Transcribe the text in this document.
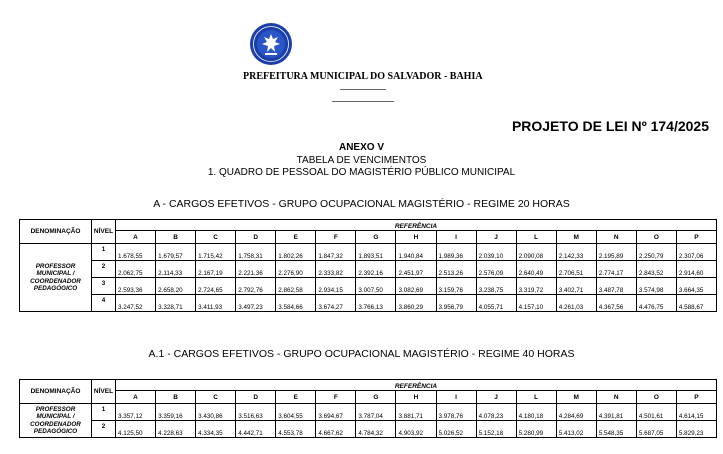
PREFEITURA MUNICIPAL DO SALVADOR - BAHIA
PROJETO DE LEI Nº 174/2025
ANEXO V
TABELA DE VENCIMENTOS
1. QUADRO DE PESSOAL DO MAGISTÉRIO PÚBLICO MUNICIPAL
A - CARGOS EFETIVOS - GRUPO OCUPACIONAL MAGISTÉRIO - REGIME 20 HORAS
DENOMINAÇÃO	NÍVEL	REFERÊNCIA														
		A	B	C	D	E	F	G	H	I	J	L	M	N	O	P
PROFESSOR MUNICIPAL / COORDENADOR PEDAGÓGICO	1	1.678,55	1.679,57	1.715,42	1.758,31	1.802,26	1.847,32	1.893,51	1.940,84	1.989,36	2.039,10	2.090,08	2.142,33	2.195,89	2.250,79	2.307,06
	2	2.062,75	2.114,33	2.167,19	2.221,36	2.276,90	2.333,82	2.392,16	2.451,97	2.513,26	2.576,09	2.640,49	2.706,51	2.774,17	2.843,52	2.914,60
	3	2.593,36	2.658,20	2.724,65	2.792,76	2.862,58	2.934,15	3.007,50	3.082,69	3.159,76	3.238,75	3.319,72	3.402,71	3.487,78	3.574,98	3.664,35
	4	3.247,52	3.328,71	3.411,93	3.497,23	3.584,66	3.674,27	3.766,13	3.860,29	3.956,79	4.055,71	4.157,10	4.261,03	4.367,56	4.476,75	4.588,67
A.1 - CARGOS EFETIVOS - GRUPO OCUPACIONAL MAGISTÉRIO - REGIME 40 HORAS
DENOMINAÇÃO	NÍVEL	REFERÊNCIA														
		A	B	C	D	E	F	G	H	I	J	L	M	N	O	P
PROFESSOR MUNICIPAL / COORDENADOR PEDAGÓGICO	1	3.357,12	3.359,16	3.430,86	3.516,63	3.604,55	3.694,67	3.787,04	3.881,71	3.978,76	4.078,23	4.180,18	4.284,69	4.391,81	4.501,61	4.614,15
	2	4.125,50	4.228,63	4.334,35	4.442,71	4.553,78	4.667,62	4.784,32	4.903,92	5.026,52	5.152,18	5.280,99	5.413,02	5.548,35	5.687,05	5.829,23
